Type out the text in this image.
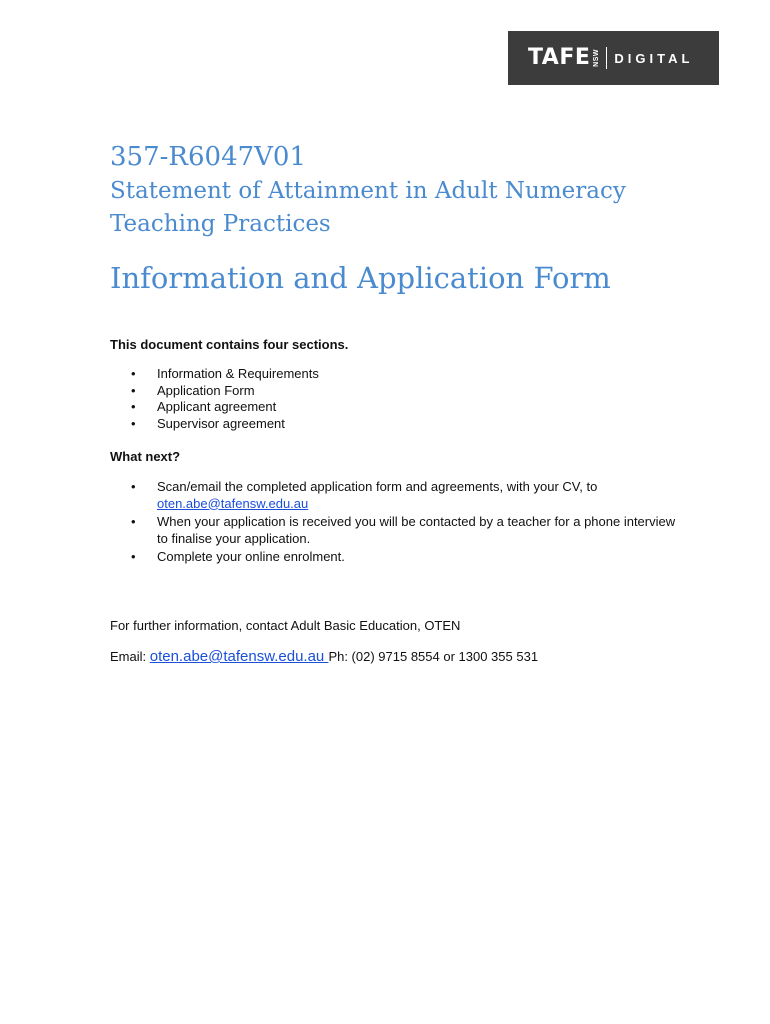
TAFE NSW DIGITAL
357-R6047V01
Statement of Attainment in Adult Numeracy
Teaching Practices
Information and Application Form

This document contains four sections.

• Information & Requirements
• Application Form
• Applicant agreement
• Supervisor agreement

What next?

• Scan/email the completed application form and agreements, with your CV, to
oten.abe@tafensw.edu.au
• When your application is received you will be contacted by a teacher for a phone interview to finalise your application.
• Complete your online enrolment.

For further information, contact Adult Basic Education, OTEN

Email: oten.abe@tafensw.edu.au Ph: (02) 9715 8554 or 1300 355 531
